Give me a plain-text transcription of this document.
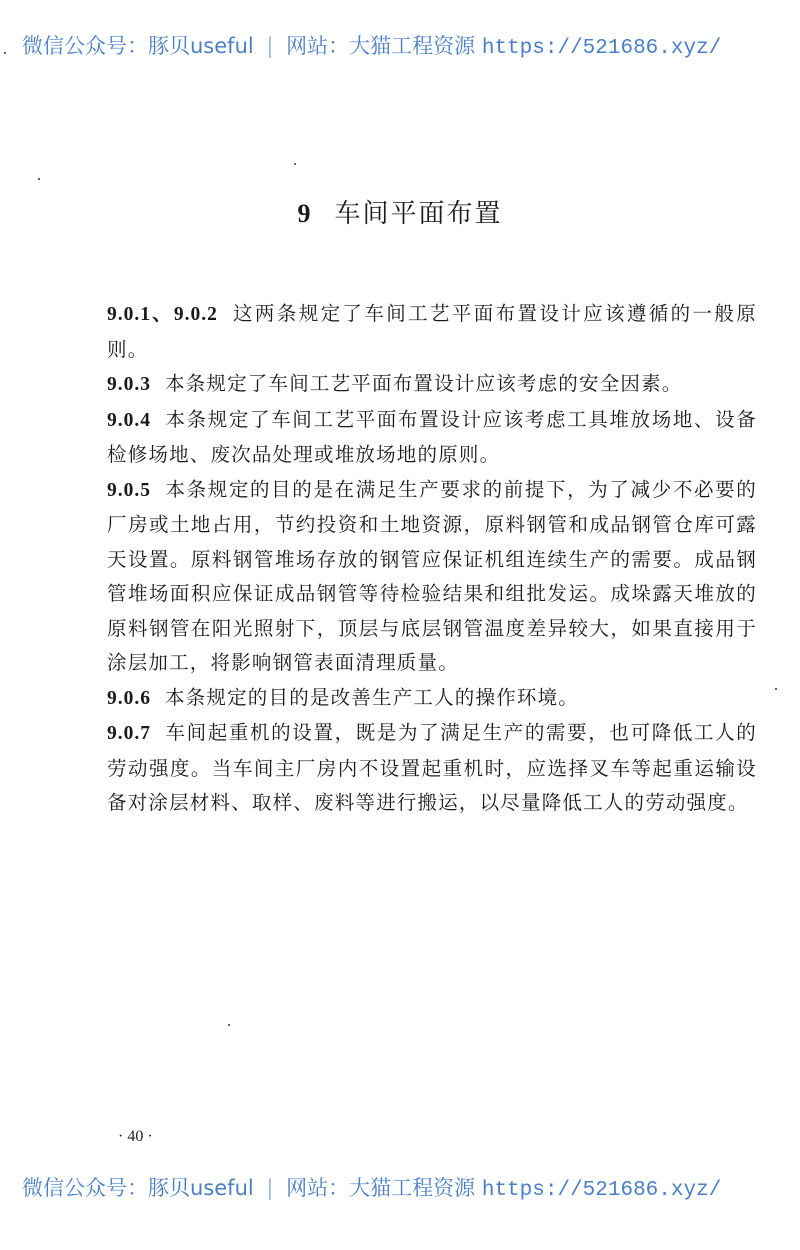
微信公众号：豚贝useful | 网站：大猫工程资源 https://521686.xyz/
9 车间平面布置

9.0.1、9.0.2 这两条规定了车间工艺平面布置设计应该遵循的一般原则。

9.0.3 本条规定了车间工艺平面布置设计应该考虑的安全因素。

9.0.4 本条规定了车间工艺平面布置设计应该考虑工具堆放场地、设备检修场地、废次品处理或堆放场地的原则。

9.0.5 本条规定的目的是在满足生产要求的前提下，为了减少不必要的厂房或土地占用，节约投资和土地资源，原料钢管和成品钢管仓库可露天设置。原料钢管堆场存放的钢管应保证机组连续生产的需要。成品钢管堆场面积应保证成品钢管等待检验结果和组批发运。成垛露天堆放的原料钢管在阳光照射下，顶层与底层钢管温度差异较大，如果直接用于涂层加工，将影响钢管表面清理质量。

9.0.6 本条规定的目的是改善生产工人的操作环境。

9.0.7 车间起重机的设置，既是为了满足生产的需要，也可降低工人的劳动强度。当车间主厂房内不设置起重机时，应选择叉车等起重运输设备对涂层材料、取样、废料等进行搬运，以尽量降低工人的劳动强度。

· 40 ·
微信公众号：豚贝useful | 网站：大猫工程资源 https://521686.xyz/
